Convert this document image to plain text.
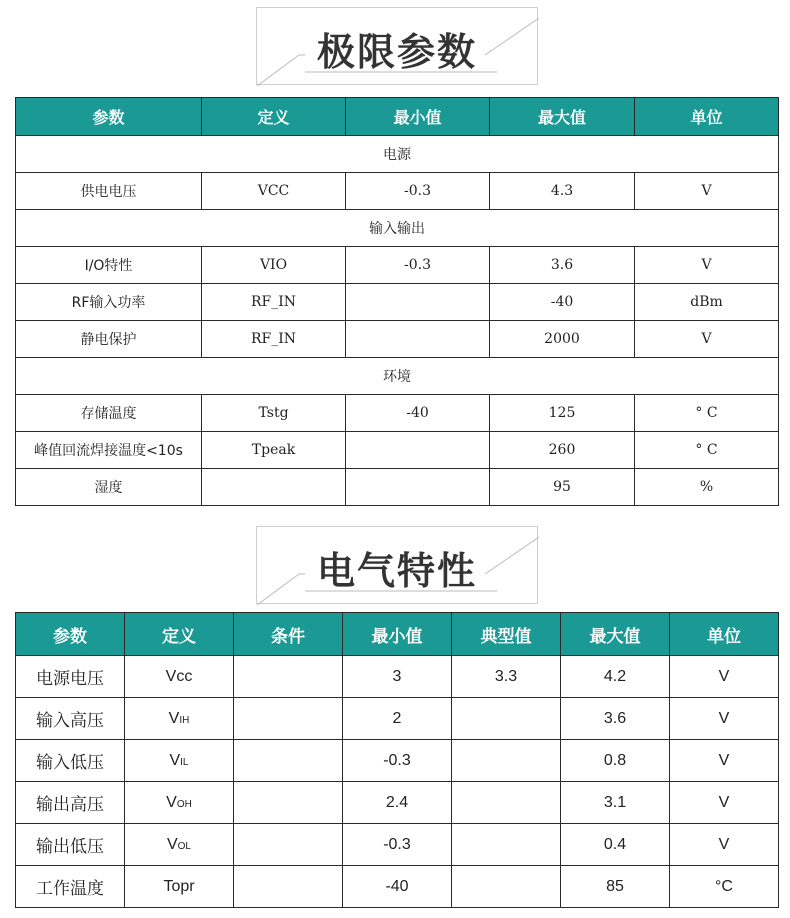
极限参数
参数	定义	最小值	最大值	单位
电源				
供电电压	VCC	-0.3	4.3	V
输入输出				
I/O特性	VIO	-0.3	3.6	V
RF输入功率	RF_IN		-40	dBm
静电保护	RF_IN		2000	V
环境				
存储温度	Tstg	-40	125	° C
峰值回流焊接温度<10s	Tpeak		260	° C
湿度			95	%
电气特性
参数	定义	条件	最小值	典型值	最大值	单位
电源电压	Vcc		3	3.3	4.2	V
输入高压	VIH		2		3.6	V
输入低压	VIL		-0.3		0.8	V
输出高压	VOH		2.4		3.1	V
输出低压	VOL		-0.3		0.4	V
工作温度	Topr		-40		85	°C
